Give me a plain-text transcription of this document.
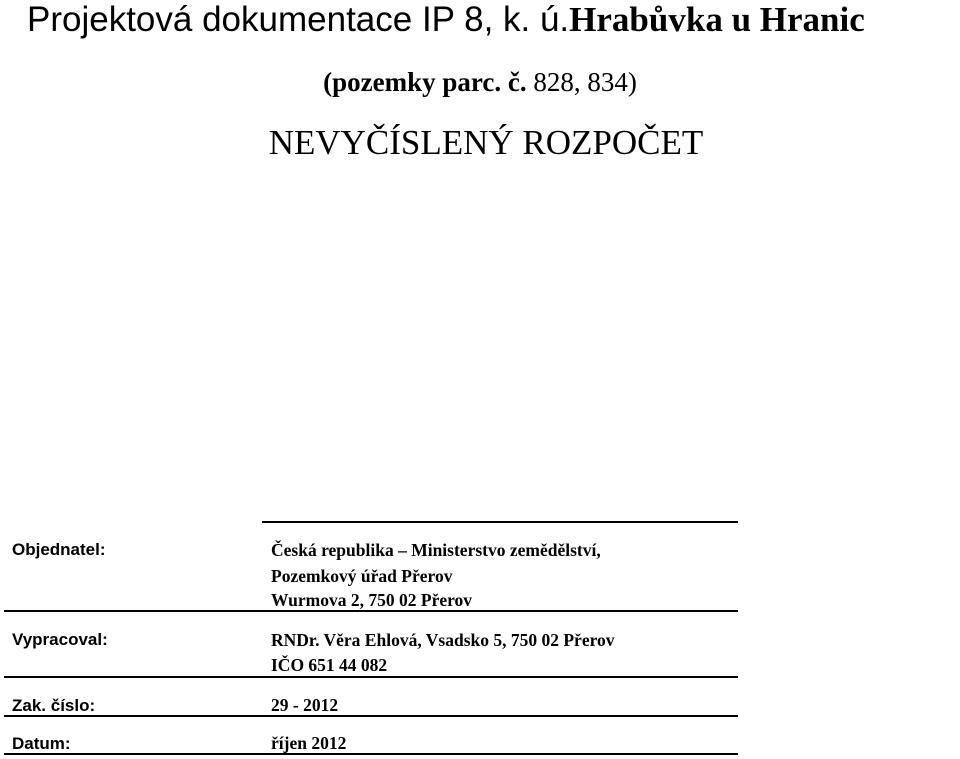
Projektová dokumentace IP 8, k. ú.Hrabůvka u Hranic
(pozemky parc. č. 828, 834)
NEVYČÍSLENÝ ROZPOČET
Objednatel:	Česká republika – Ministerstvo zemědělství,
Pozemkový úřad Přerov
Wurmova 2, 750 02 Přerov
Vypracoval:	RNDr. Věra Ehlová, Vsadsko 5, 750 02 Přerov
IČO 651 44 082
Zak. číslo:	29 - 2012
Datum:	říjen 2012
